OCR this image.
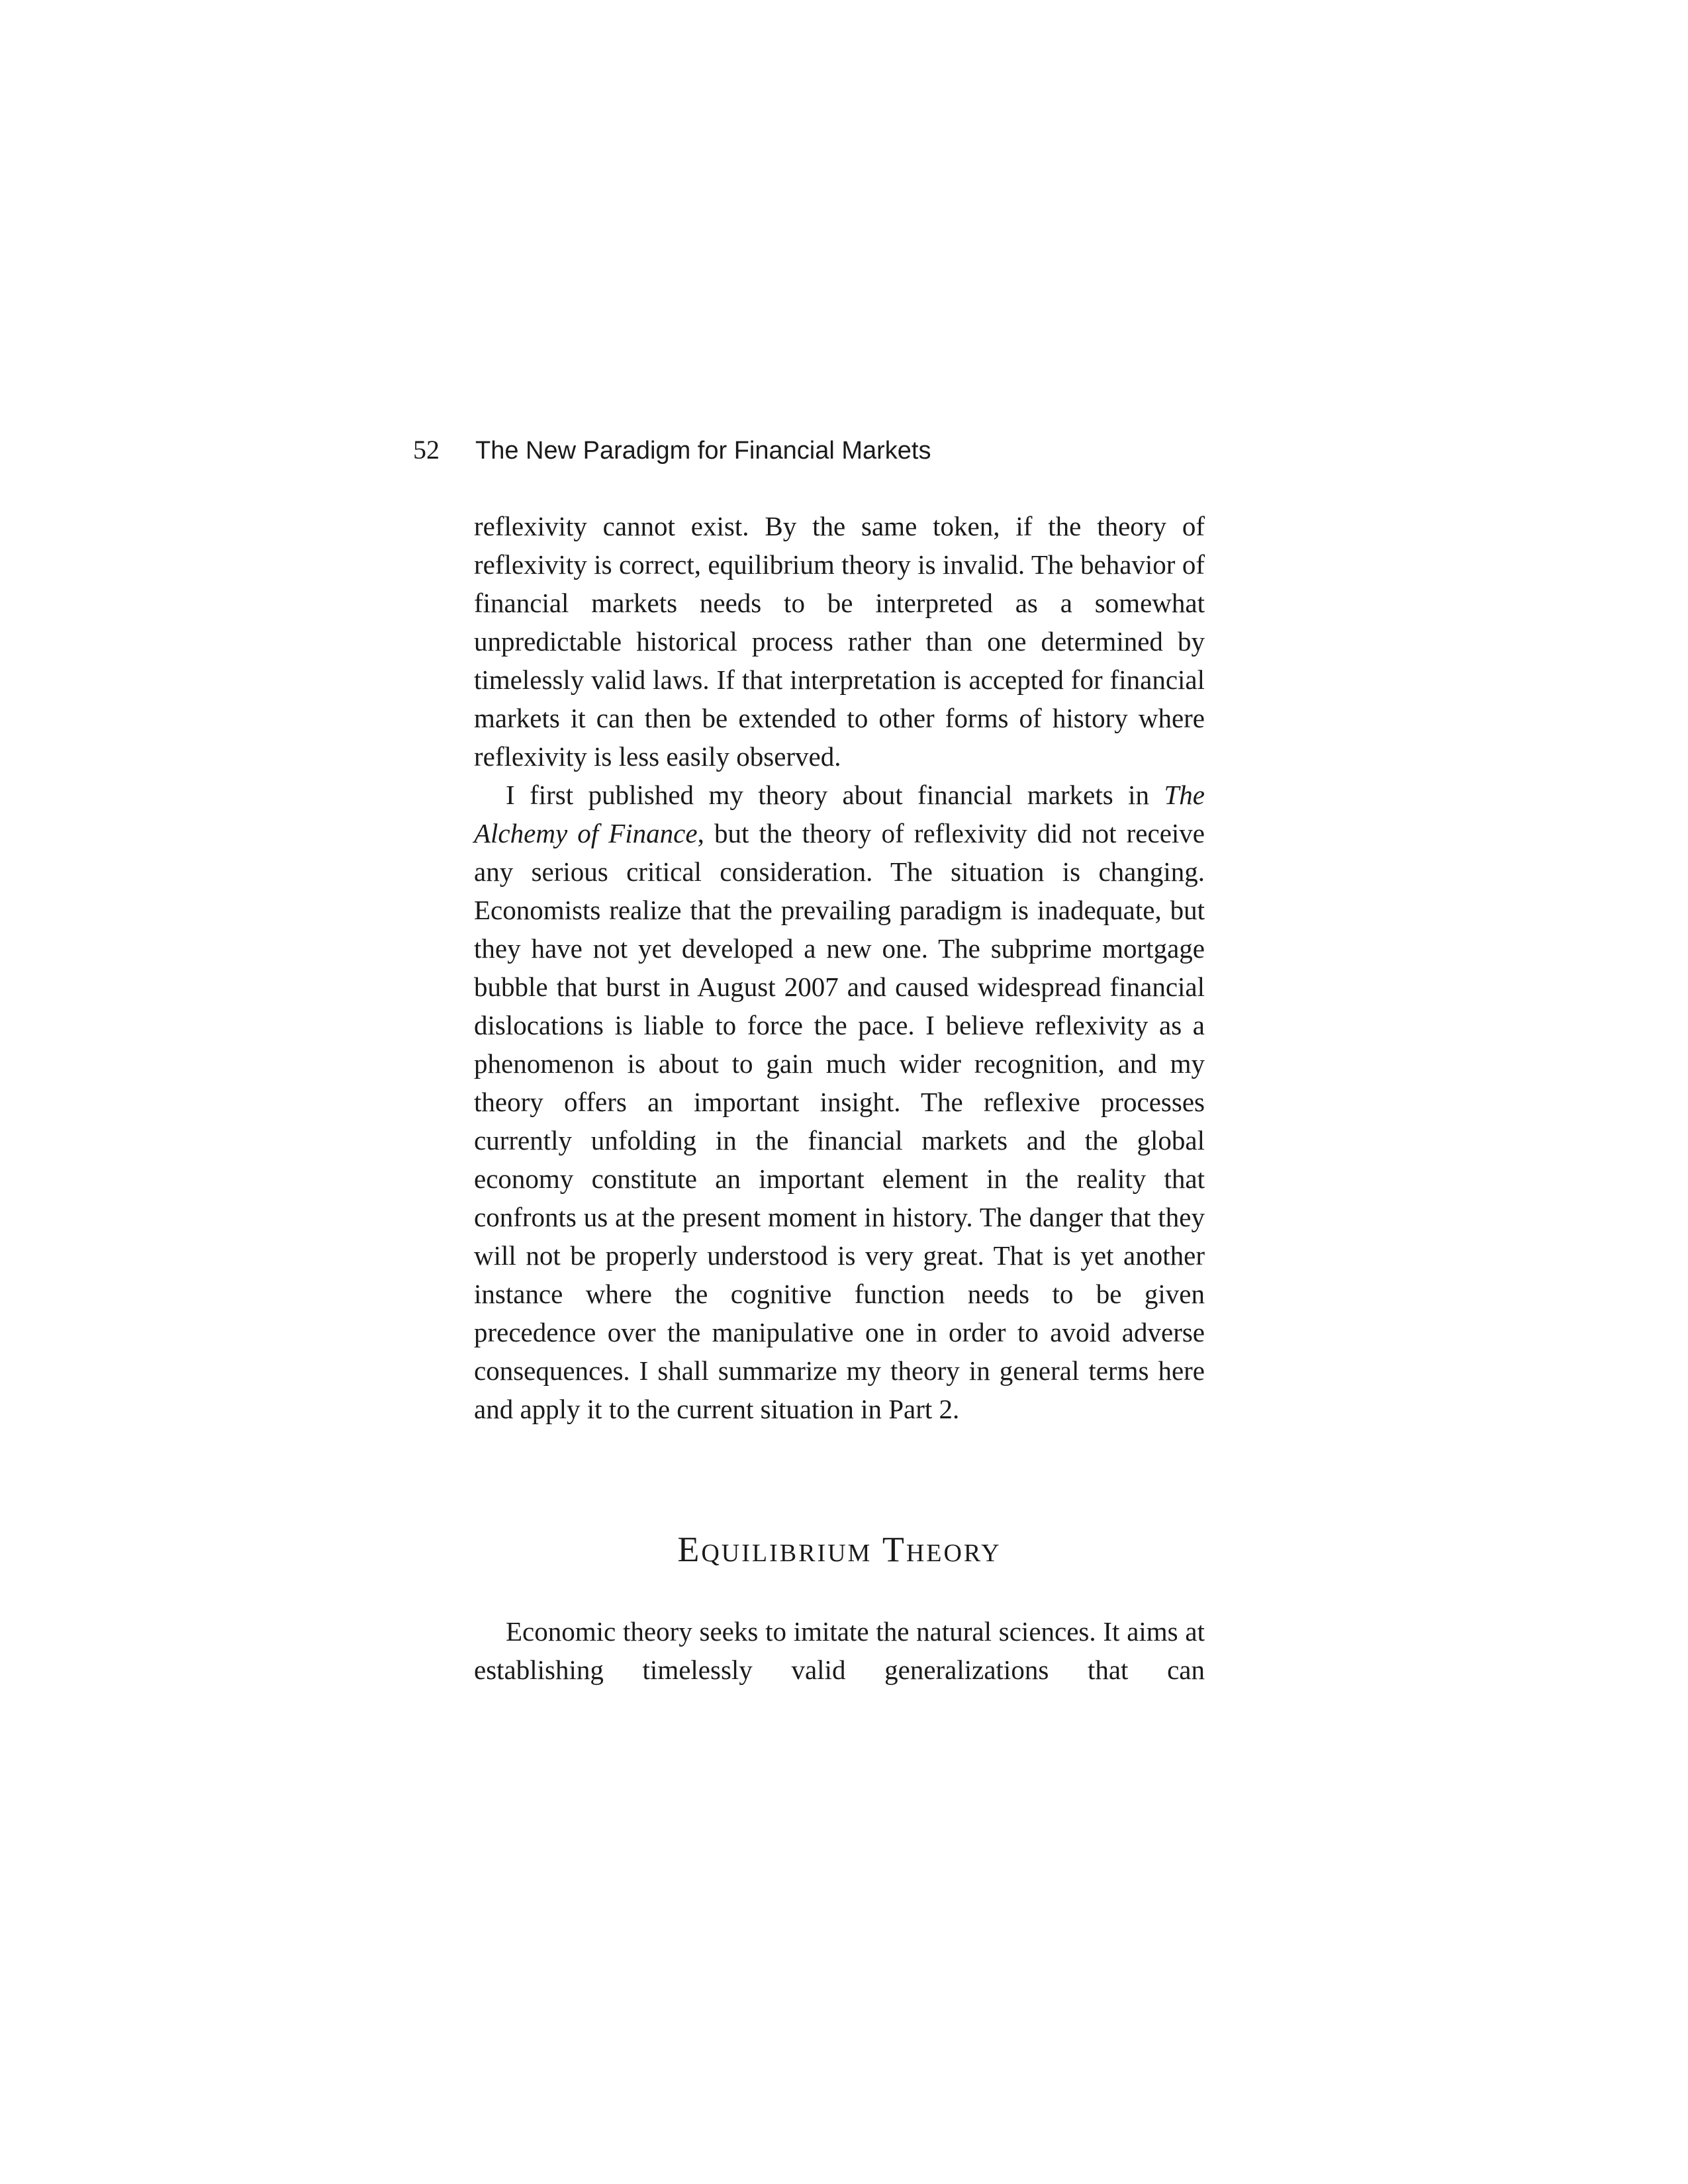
52 The New Paradigm for Financial Markets

reflexivity cannot exist. By the same token, if the theory of reflexivity is correct, equilibrium theory is invalid. The behavior of financial markets needs to be interpreted as a somewhat unpredictable historical process rather than one determined by timelessly valid laws. If that interpretation is accepted for financial markets it can then be extended to other forms of history where reflexivity is less easily observed.

I first published my theory about financial markets in The Alchemy of Finance, but the theory of reflexivity did not receive any serious critical consideration. The situation is changing. Economists realize that the prevailing paradigm is inadequate, but they have not yet developed a new one. The subprime mortgage bubble that burst in August 2007 and caused widespread financial dislocations is liable to force the pace. I believe reflexivity as a phenomenon is about to gain much wider recognition, and my theory offers an important insight. The reflexive processes currently unfolding in the financial markets and the global economy constitute an important element in the reality that confronts us at the present moment in history. The danger that they will not be properly understood is very great. That is yet another instance where the cognitive function needs to be given precedence over the manipulative one in order to avoid adverse consequences. I shall summarize my theory in general terms here and apply it to the current situation in Part 2.

Equilibrium Theory

Economic theory seeks to imitate the natural sciences. It aims at establishing timelessly valid generalizations that can
